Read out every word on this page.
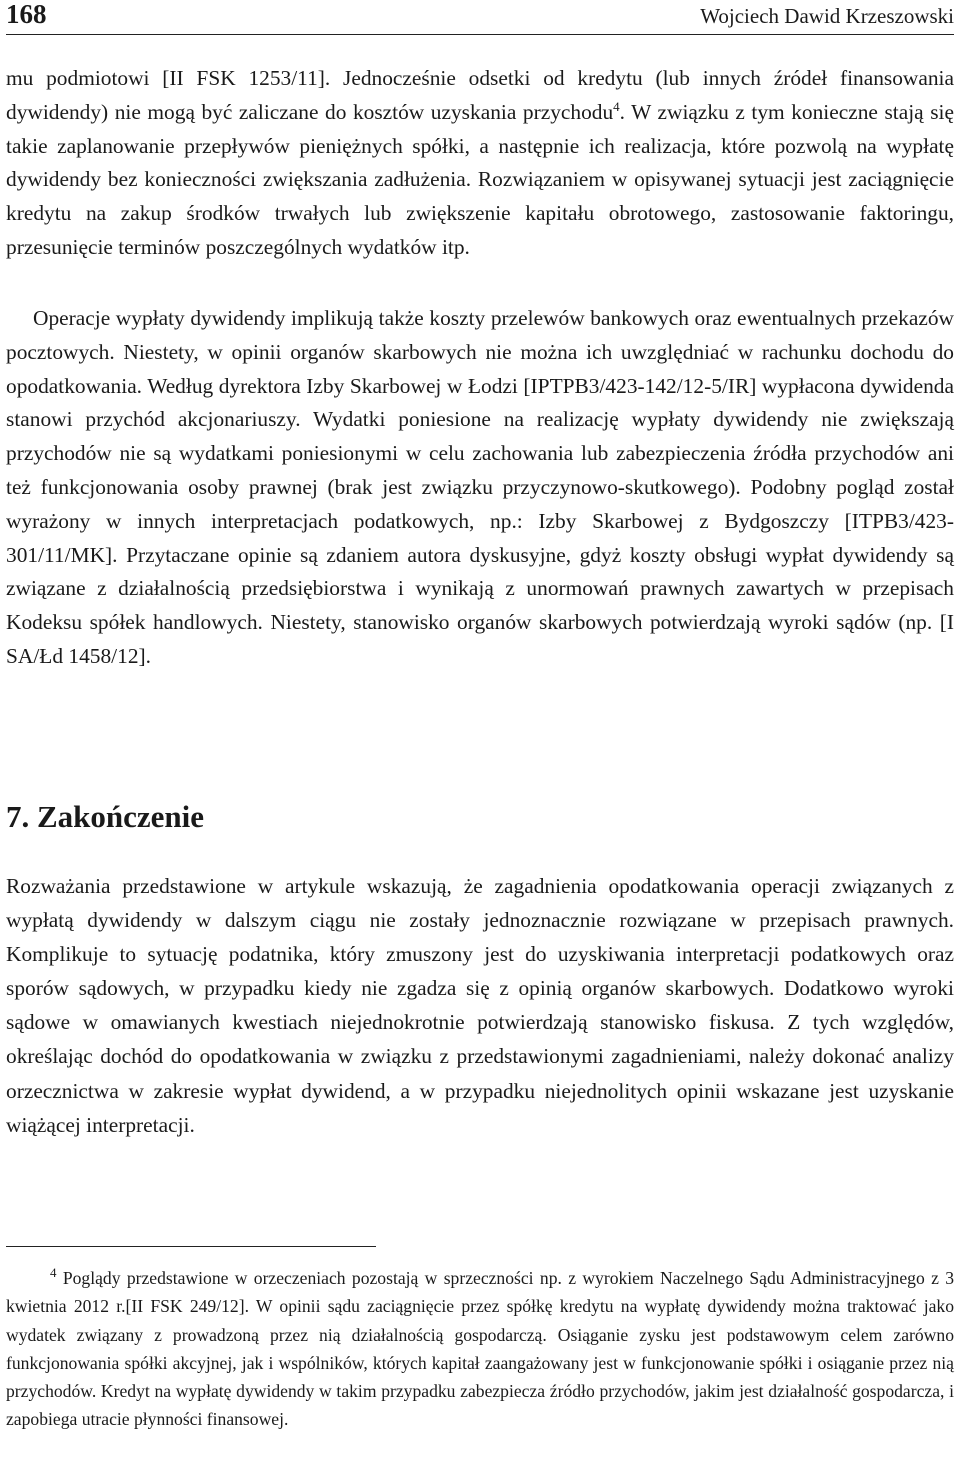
168	Wojciech Dawid Krzeszowski

mu podmiotowi [II FSK 1253/11]. Jednocześnie odsetki od kredytu (lub innych źródeł finansowania dywidendy) nie mogą być zaliczane do kosztów uzyskania przychodu$^4$. W związku z tym konieczne stają się takie zaplanowanie przepływów pieniężnych spółki, a następnie ich realizacja, które pozwolą na wypłatę dywidendy bez konieczności zwiększania zadłużenia. Rozwiązaniem w opisywanej sytuacji jest zaciągnięcie kredytu na zakup środków trwałych lub zwiększenie kapitału obrotowego, zastosowanie faktoringu, przesunięcie terminów poszczególnych wydatków itp.

Operacje wypłaty dywidendy implikują także koszty przelewów bankowych oraz ewentualnych przekazów pocztowych. Niestety, w opinii organów skarbowych nie można ich uwzględniać w rachunku dochodu do opodatkowania. Według dyrektora Izby Skarbowej w Łodzi [IPTPB3/423-142/12-5/IR] wypłacona dywidenda stanowi przychód akcjonariuszy. Wydatki poniesione na realizację wypłaty dywidendy nie zwiększają przychodów nie są wydatkami poniesionymi w celu zachowania lub zabezpieczenia źródła przychodów ani też funkcjonowania osoby prawnej (brak jest związku przyczynowo-skutkowego). Podobny pogląd został wyrażony w innych interpretacjach podatkowych, np.: Izby Skarbowej z Bydgoszczy [ITPB3/423-301/11/MK]. Przytaczane opinie są zdaniem autora dyskusyjne, gdyż koszty obsługi wypłat dywidendy są związane z działalnością przedsiębiorstwa i wynikają z unormowań prawnych zawartych w przepisach Kodeksu spółek handlowych. Niestety, stanowisko organów skarbowych potwierdzają wyroki sądów (np. [I SA/Łd 1458/12].

7. Zakończenie

Rozważania przedstawione w artykule wskazują, że zagadnienia opodatkowania operacji związanych z wypłatą dywidendy w dalszym ciągu nie zostały jednoznacznie rozwiązane w przepisach prawnych. Komplikuje to sytuację podatnika, który zmuszony jest do uzyskiwania interpretacji podatkowych oraz sporów sądowych, w przypadku kiedy nie zgadza się z opinią organów skarbowych. Dodatkowo wyroki sądowe w omawianych kwestiach niejednokrotnie potwierdzają stanowisko fiskusa. Z tych względów, określając dochód do opodatkowania w związku z przedstawionymi zagadnieniami, należy dokonać analizy orzecznictwa w zakresie wypłat dywidend, a w przypadku niejednolitych opinii wskazane jest uzyskanie wiążącej interpretacji.

$^4$ Poglądy przedstawione w orzeczeniach pozostają w sprzeczności np. z wyrokiem Naczelnego Sądu Administracyjnego z 3 kwietnia 2012 r.[II FSK 249/12]. W opinii sądu zaciągnięcie przez spółkę kredytu na wypłatę dywidendy można traktować jako wydatek związany z prowadzoną przez nią działalnością gospodarczą. Osiąganie zysku jest podstawowym celem zarówno funkcjonowania spółki akcyjnej, jak i wspólników, których kapitał zaangażowany jest w funkcjonowanie spółki i osiąganie przez nią przychodów. Kredyt na wypłatę dywidendy w takim przypadku zabezpiecza źródło przychodów, jakim jest działalność gospodarcza, i zapobiega utracie płynności finansowej.
